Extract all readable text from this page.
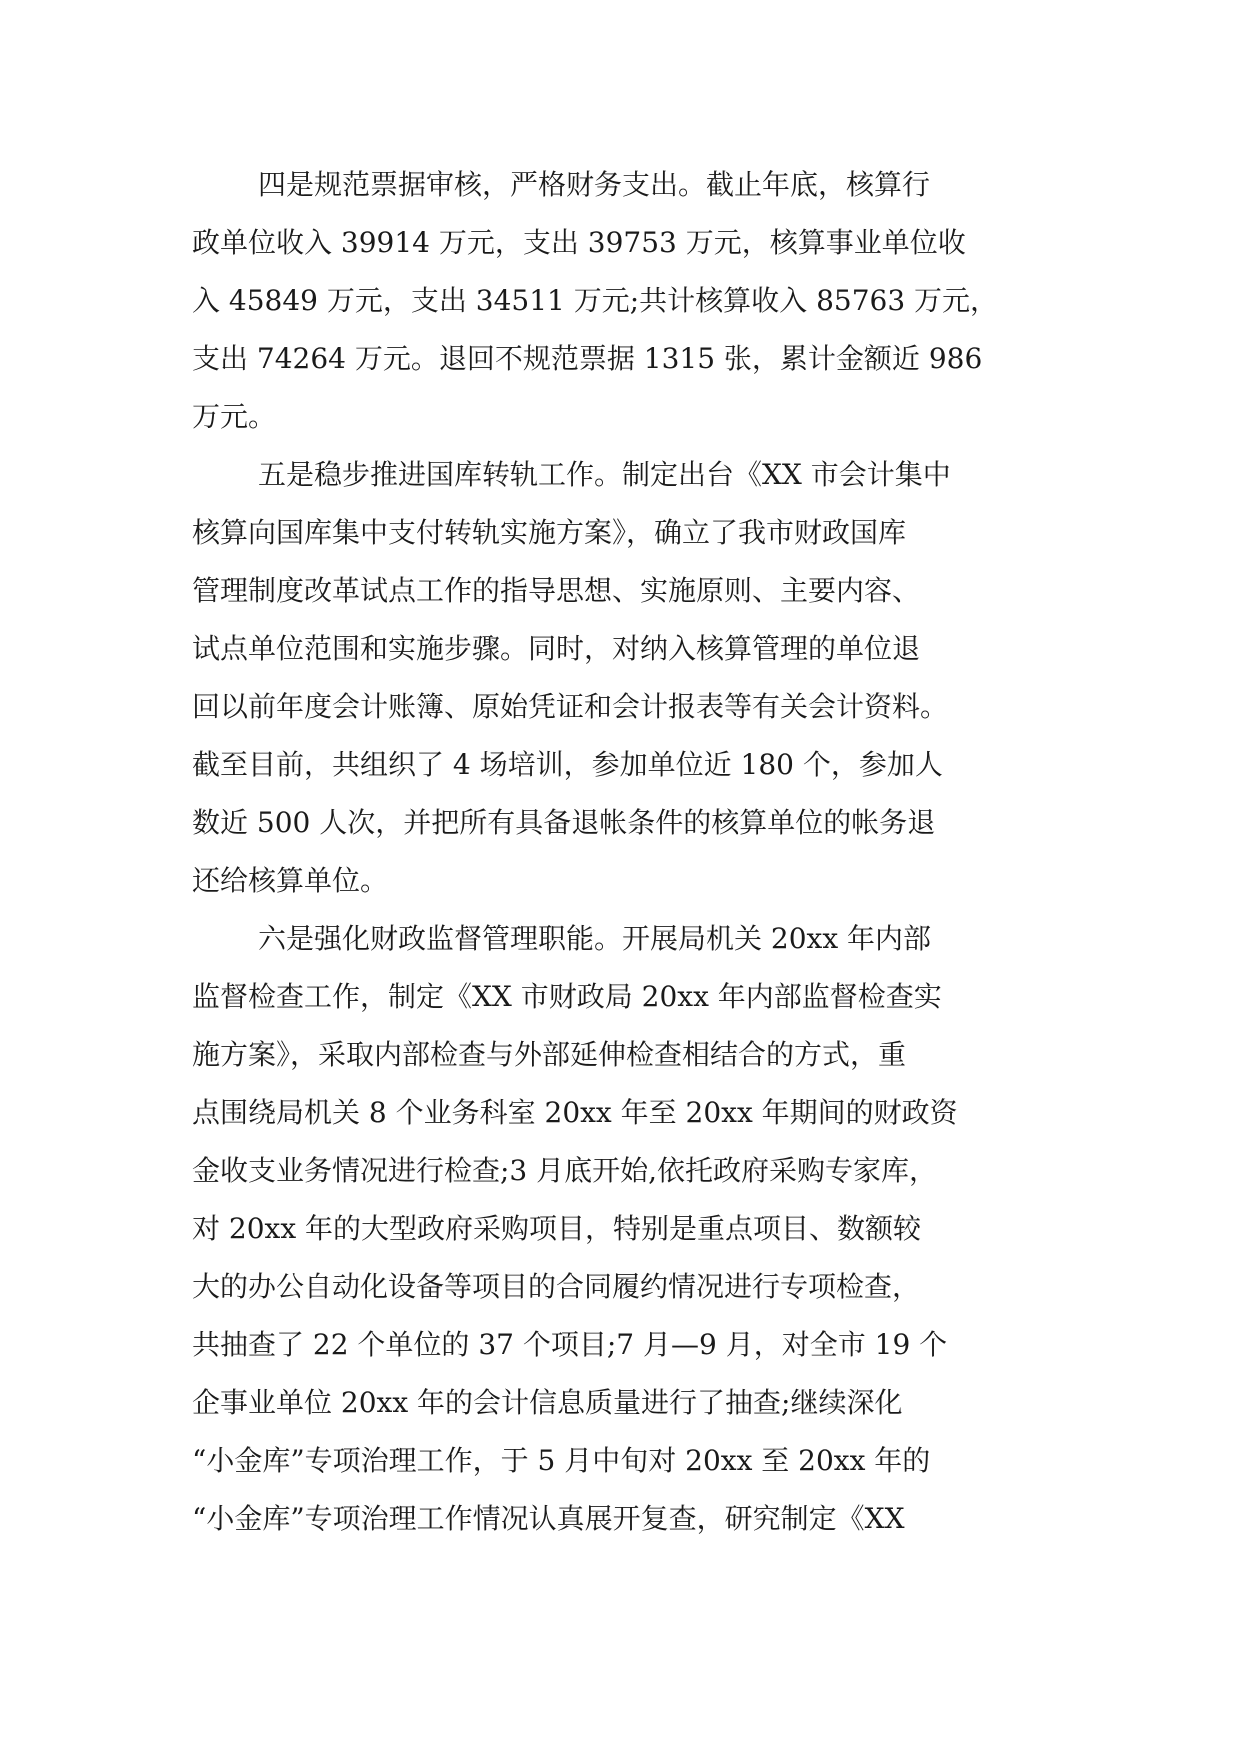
四是规范票据审核，严格财务支出。截止年底，核算行
政单位收入 39914 万元，支出 39753 万元，核算事业单位收
入 45849 万元，支出 34511 万元;共计核算收入 85763 万元，
支出 74264 万元。退回不规范票据 1315 张，累计金额近 986
万元。
五是稳步推进国库转轨工作。制定出台《XX 市会计集中
核算向国库集中支付转轨实施方案》，确立了我市财政国库
管理制度改革试点工作的指导思想、实施原则、主要内容、
试点单位范围和实施步骤。同时，对纳入核算管理的单位退
回以前年度会计账簿、原始凭证和会计报表等有关会计资料。
截至目前，共组织了 4 场培训，参加单位近 180 个，参加人
数近 500 人次，并把所有具备退帐条件的核算单位的帐务退
还给核算单位。
六是强化财政监督管理职能。开展局机关 20xx 年内部
监督检查工作，制定《XX 市财政局 20xx 年内部监督检查实
施方案》，采取内部检查与外部延伸检查相结合的方式，重
点围绕局机关 8 个业务科室 20xx 年至 20xx 年期间的财政资
金收支业务情况进行检查;3 月底开始,依托政府采购专家库，
对 20xx 年的大型政府采购项目，特别是重点项目、数额较
大的办公自动化设备等项目的合同履约情况进行专项检查，
共抽查了 22 个单位的 37 个项目;7 月—9 月，对全市 19 个
企事业单位 20xx 年的会计信息质量进行了抽查;继续深化
“小金库”专项治理工作，于 5 月中旬对 20xx 至 20xx 年的
“小金库”专项治理工作情况认真展开复查，研究制定《XX
